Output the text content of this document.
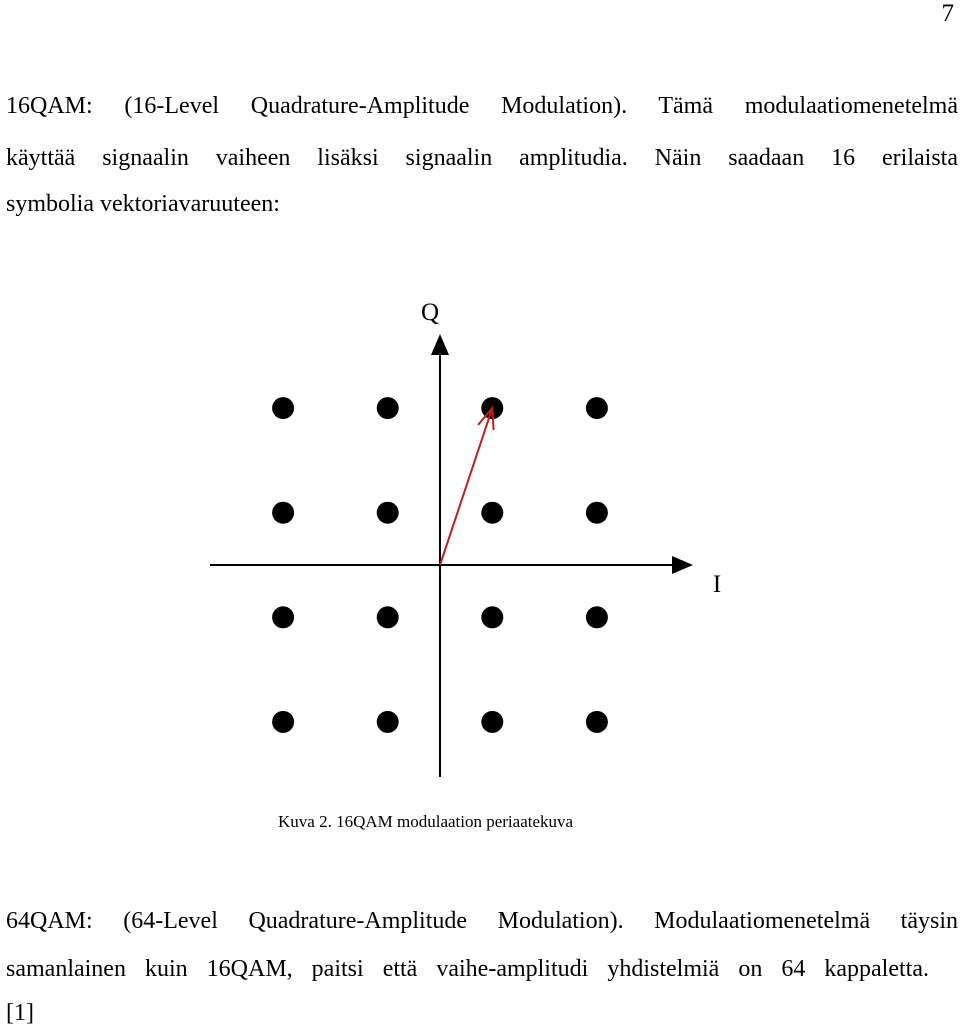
7
16QAM: (16-Level Quadrature-Amplitude Modulation). Tämä modulaatiomenetelmä
käyttää signaalin vaiheen lisäksi signaalin amplitudia. Näin saadaan 16 erilaista
symbolia vektoriavaruuteen:
Q
I
Kuva 2. 16QAM modulaation periaatekuva
64QAM: (64-Level Quadrature-Amplitude Modulation). Modulaatiomenetelmä täysin
samanlainen kuin 16QAM, paitsi että vaihe-amplitudi yhdistelmiä on 64 kappaletta.
[1]
